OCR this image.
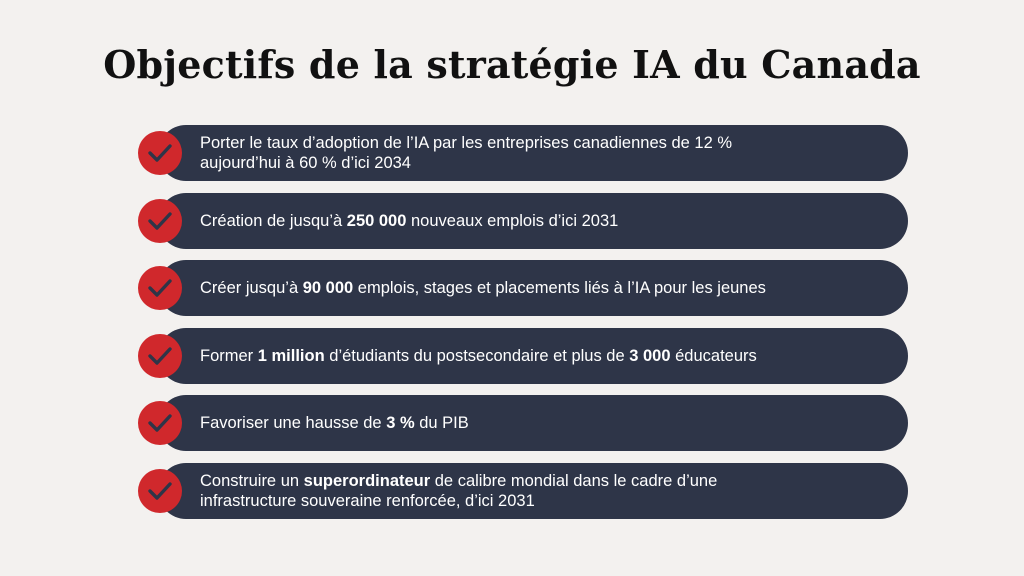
Objectifs de la stratégie IA du Canada
Porter le taux d’adoption de l’IA par les entreprises canadiennes de 12 %
aujourd’hui à 60 % d’ici 2034
Création de jusqu’à 250 000 nouveaux emplois d’ici 2031
Créer jusqu’à 90 000 emplois, stages et placements liés à l’IA pour les jeunes
Former 1 million d’étudiants du postsecondaire et plus de 3 000 éducateurs
Favoriser une hausse de 3 % du PIB
Construire un superordinateur de calibre mondial dans le cadre d’une
infrastructure souveraine renforcée, d’ici 2031
